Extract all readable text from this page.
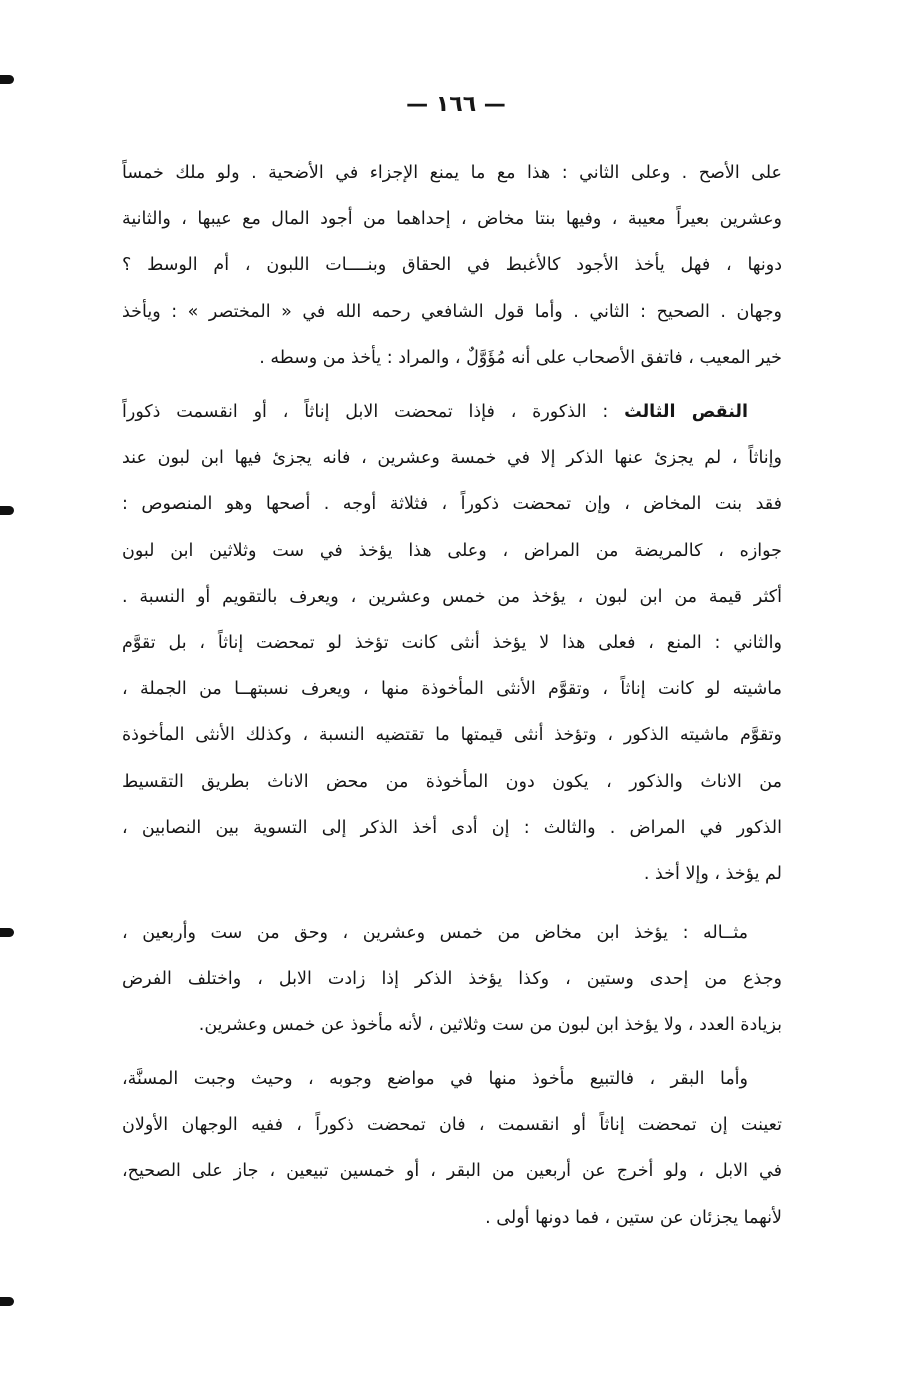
— ١٦٦ —
على الأصح . وعلى الثاني : هذا مع ما يمنع الإجزاء في الأضحية . ولو ملك خمساً
وعشرين بعيراً معيبة ، وفيها بنتا مخاض ، إحداهما من أجود المال مع عيبها ، والثانية
دونها ، فهل يأخذ الأجود كالأغبط في الحقاق وبنــــات اللبون ، أم الوسط ؟
وجهان . الصحيح : الثاني . وأما قول الشافعي رحمه الله في « المختصر » : ويأخذ
خير المعيب ، فاتفق الأصحاب على أنه مُؤَوَّلٌ ، والمراد : يأخذ من وسطه .
النقص الثالث : الذكورة ، فإذا تمحضت الابل إناثاً ، أو انقسمت ذكوراً
وإناثاً ، لم يجزئ عنها الذكر إلا في خمسة وعشرين ، فانه يجزئ فيها ابن لبون عند
فقد بنت المخاض ، وإن تمحضت ذكوراً ، فثلاثة أوجه . أصحها وهو المنصوص :
جوازه ، كالمريضة من المراض ، وعلى هذا يؤخذ في ست وثلاثين ابن لبون
أكثر قيمة من ابن لبون ، يؤخذ من خمس وعشرين ، ويعرف بالتقويم أو النسبة .
والثاني : المنع ، فعلى هذا لا يؤخذ أنثى كانت تؤخذ لو تمحضت إناثاً ، بل تقوَّم
ماشيته لو كانت إناثاً ، وتقوَّم الأنثى المأخوذة منها ، ويعرف نسبتهــا من الجملة ،
وتقوَّم ماشيته الذكور ، وتؤخذ أنثى قيمتها ما تقتضيه النسبة ، وكذلك الأنثى المأخوذة
من الاناث والذكور ، يكون دون المأخوذة من محض الاناث بطريق التقسيط
الذكور في المراض . والثالث : إن أدى أخذ الذكر إلى التسوية بين النصابين ،
لم يؤخذ ، وإلا أخذ .
مثــاله : يؤخذ ابن مخاض من خمس وعشرين ، وحق من ست وأربعين ،
وجذع من إحدى وستين ، وكذا يؤخذ الذكر إذا زادت الابل ، واختلف الفرض
بزيادة العدد ، ولا يؤخذ ابن لبون من ست وثلاثين ، لأنه مأخوذ عن خمس وعشرين.
وأما البقر ، فالتبيع مأخوذ منها في مواضع وجوبه ، وحيث وجبت المسنَّة،
تعينت إن تمحضت إناثاً أو انقسمت ، فان تمحضت ذكوراً ، ففيه الوجهان الأولان
في الابل ، ولو أخرج عن أربعين من البقر ، أو خمسين تبيعين ، جاز على الصحيح،
لأنهما يجزئان عن ستين ، فما دونها أولى .
